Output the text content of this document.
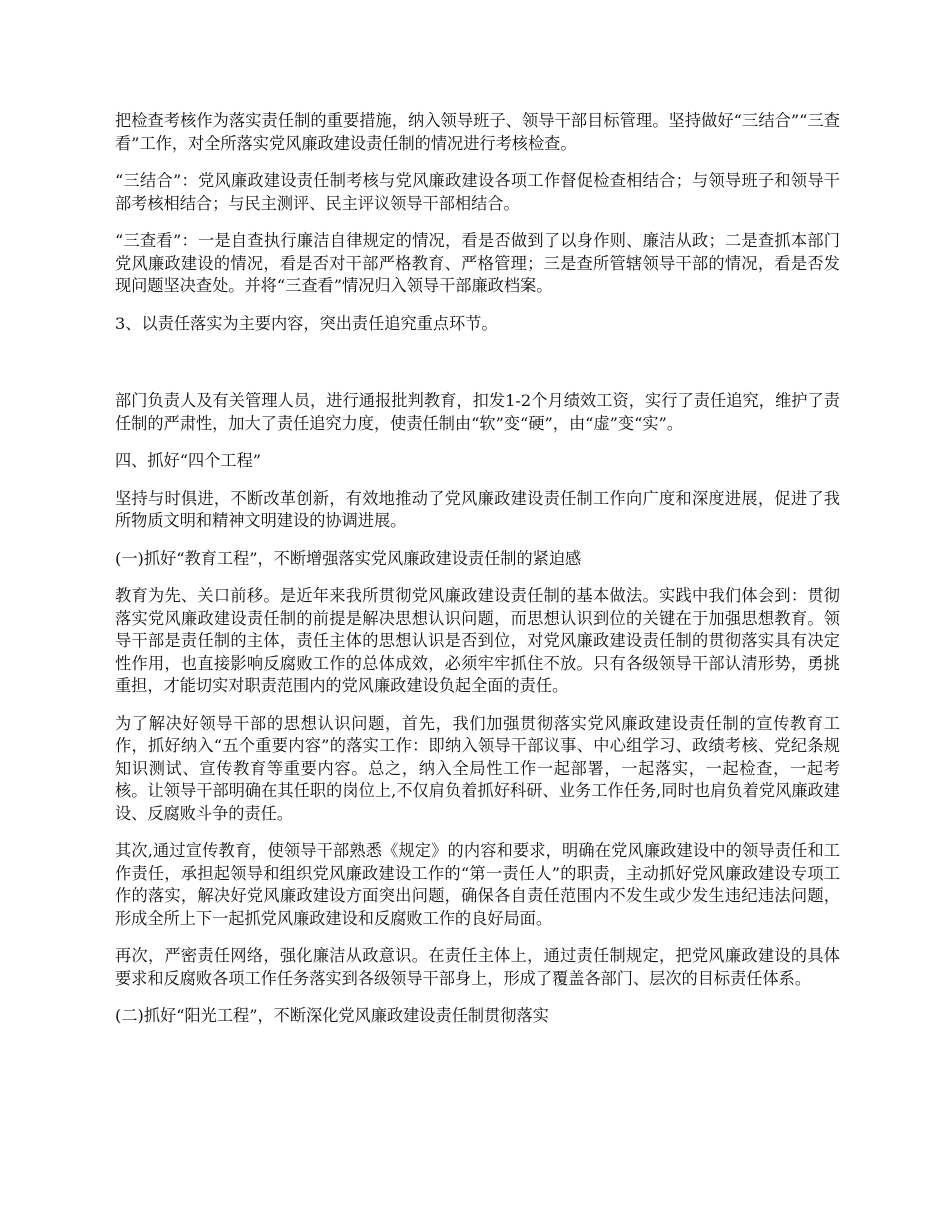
把检查考核作为落实责任制的重要措施，纳入领导班子、领导干部目标管理。坚持做好“三结合”“三查看”工作，对全所落实党风廉政建设责任制的情况进行考核检查。

“三结合”：党风廉政建设责任制考核与党风廉政建设各项工作督促检查相结合；与领导班子和领导干部考核相结合；与民主测评、民主评议领导干部相结合。

“三查看”：一是自查执行廉洁自律规定的情况，看是否做到了以身作则、廉洁从政；二是查抓本部门党风廉政建设的情况，看是否对干部严格教育、严格管理；三是查所管辖领导干部的情况，看是否发现问题坚决查处。并将“三查看”情况归入领导干部廉政档案。

3、以责任落实为主要内容，突出责任追究重点环节。

部门负责人及有关管理人员，进行通报批判教育，扣发1-2个月绩效工资，实行了责任追究，维护了责任制的严肃性，加大了责任追究力度，使责任制由“软”变“硬”，由“虚”变“实”。

四、抓好“四个工程”

坚持与时俱进，不断改革创新，有效地推动了党风廉政建设责任制工作向广度和深度进展，促进了我所物质文明和精神文明建设的协调进展。

(一)抓好“教育工程”，不断增强落实党风廉政建设责任制的紧迫感

教育为先、关口前移。是近年来我所贯彻党风廉政建设责任制的基本做法。实践中我们体会到：贯彻落实党风廉政建设责任制的前提是解决思想认识问题，而思想认识到位的关键在于加强思想教育。领导干部是责任制的主体，责任主体的思想认识是否到位，对党风廉政建设责任制的贯彻落实具有决定性作用，也直接影响反腐败工作的总体成效，必须牢牢抓住不放。只有各级领导干部认清形势，勇挑重担，才能切实对职责范围内的党风廉政建设负起全面的责任。

为了解决好领导干部的思想认识问题，首先，我们加强贯彻落实党风廉政建设责任制的宣传教育工作，抓好纳入“五个重要内容”的落实工作：即纳入领导干部议事、中心组学习、政绩考核、党纪条规知识测试、宣传教育等重要内容。总之，纳入全局性工作一起部署，一起落实，一起检查，一起考核。让领导干部明确在其任职的岗位上,不仅肩负着抓好科研、业务工作任务,同时也肩负着党风廉政建设、反腐败斗争的责任。

其次,通过宣传教育，使领导干部熟悉《规定》的内容和要求，明确在党风廉政建设中的领导责任和工作责任，承担起领导和组织党风廉政建设工作的“第一责任人”的职责，主动抓好党风廉政建设专项工作的落实，解决好党风廉政建设方面突出问题，确保各自责任范围内不发生或少发生违纪违法问题，形成全所上下一起抓党风廉政建设和反腐败工作的良好局面。

再次，严密责任网络，强化廉洁从政意识。在责任主体上，通过责任制规定，把党风廉政建设的具体要求和反腐败各项工作任务落实到各级领导干部身上，形成了覆盖各部门、层次的目标责任体系。

(二)抓好“阳光工程”，不断深化党风廉政建设责任制贯彻落实
